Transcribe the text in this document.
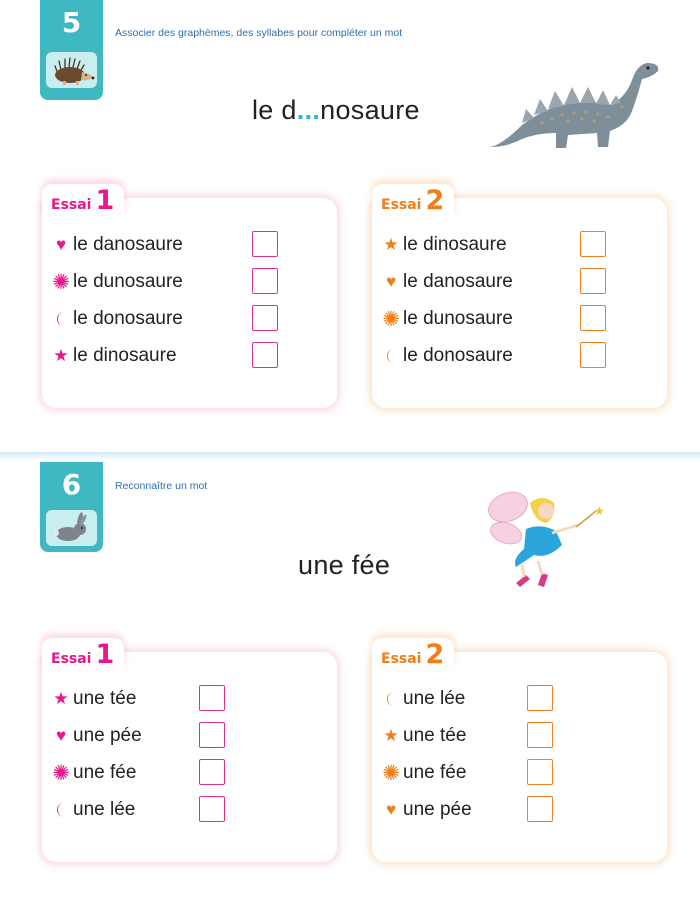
5	Associer des graphèmes, des syllabes pour compléter un mot
le d...nosaure
Essai 1
♥ le danosaure
✺ le dunosaure
le donosaure
★ le dinosaure
Essai 2
★ le dinosaure
♥ le danosaure
✺ le dunosaure
le donosaure
6	Reconnaître un mot
une fée
★
Essai 1
★ une tée
♥ une pée
✺ une fée
une lée
Essai 2
une lée
★ une tée
✺ une fée
♥ une pée
